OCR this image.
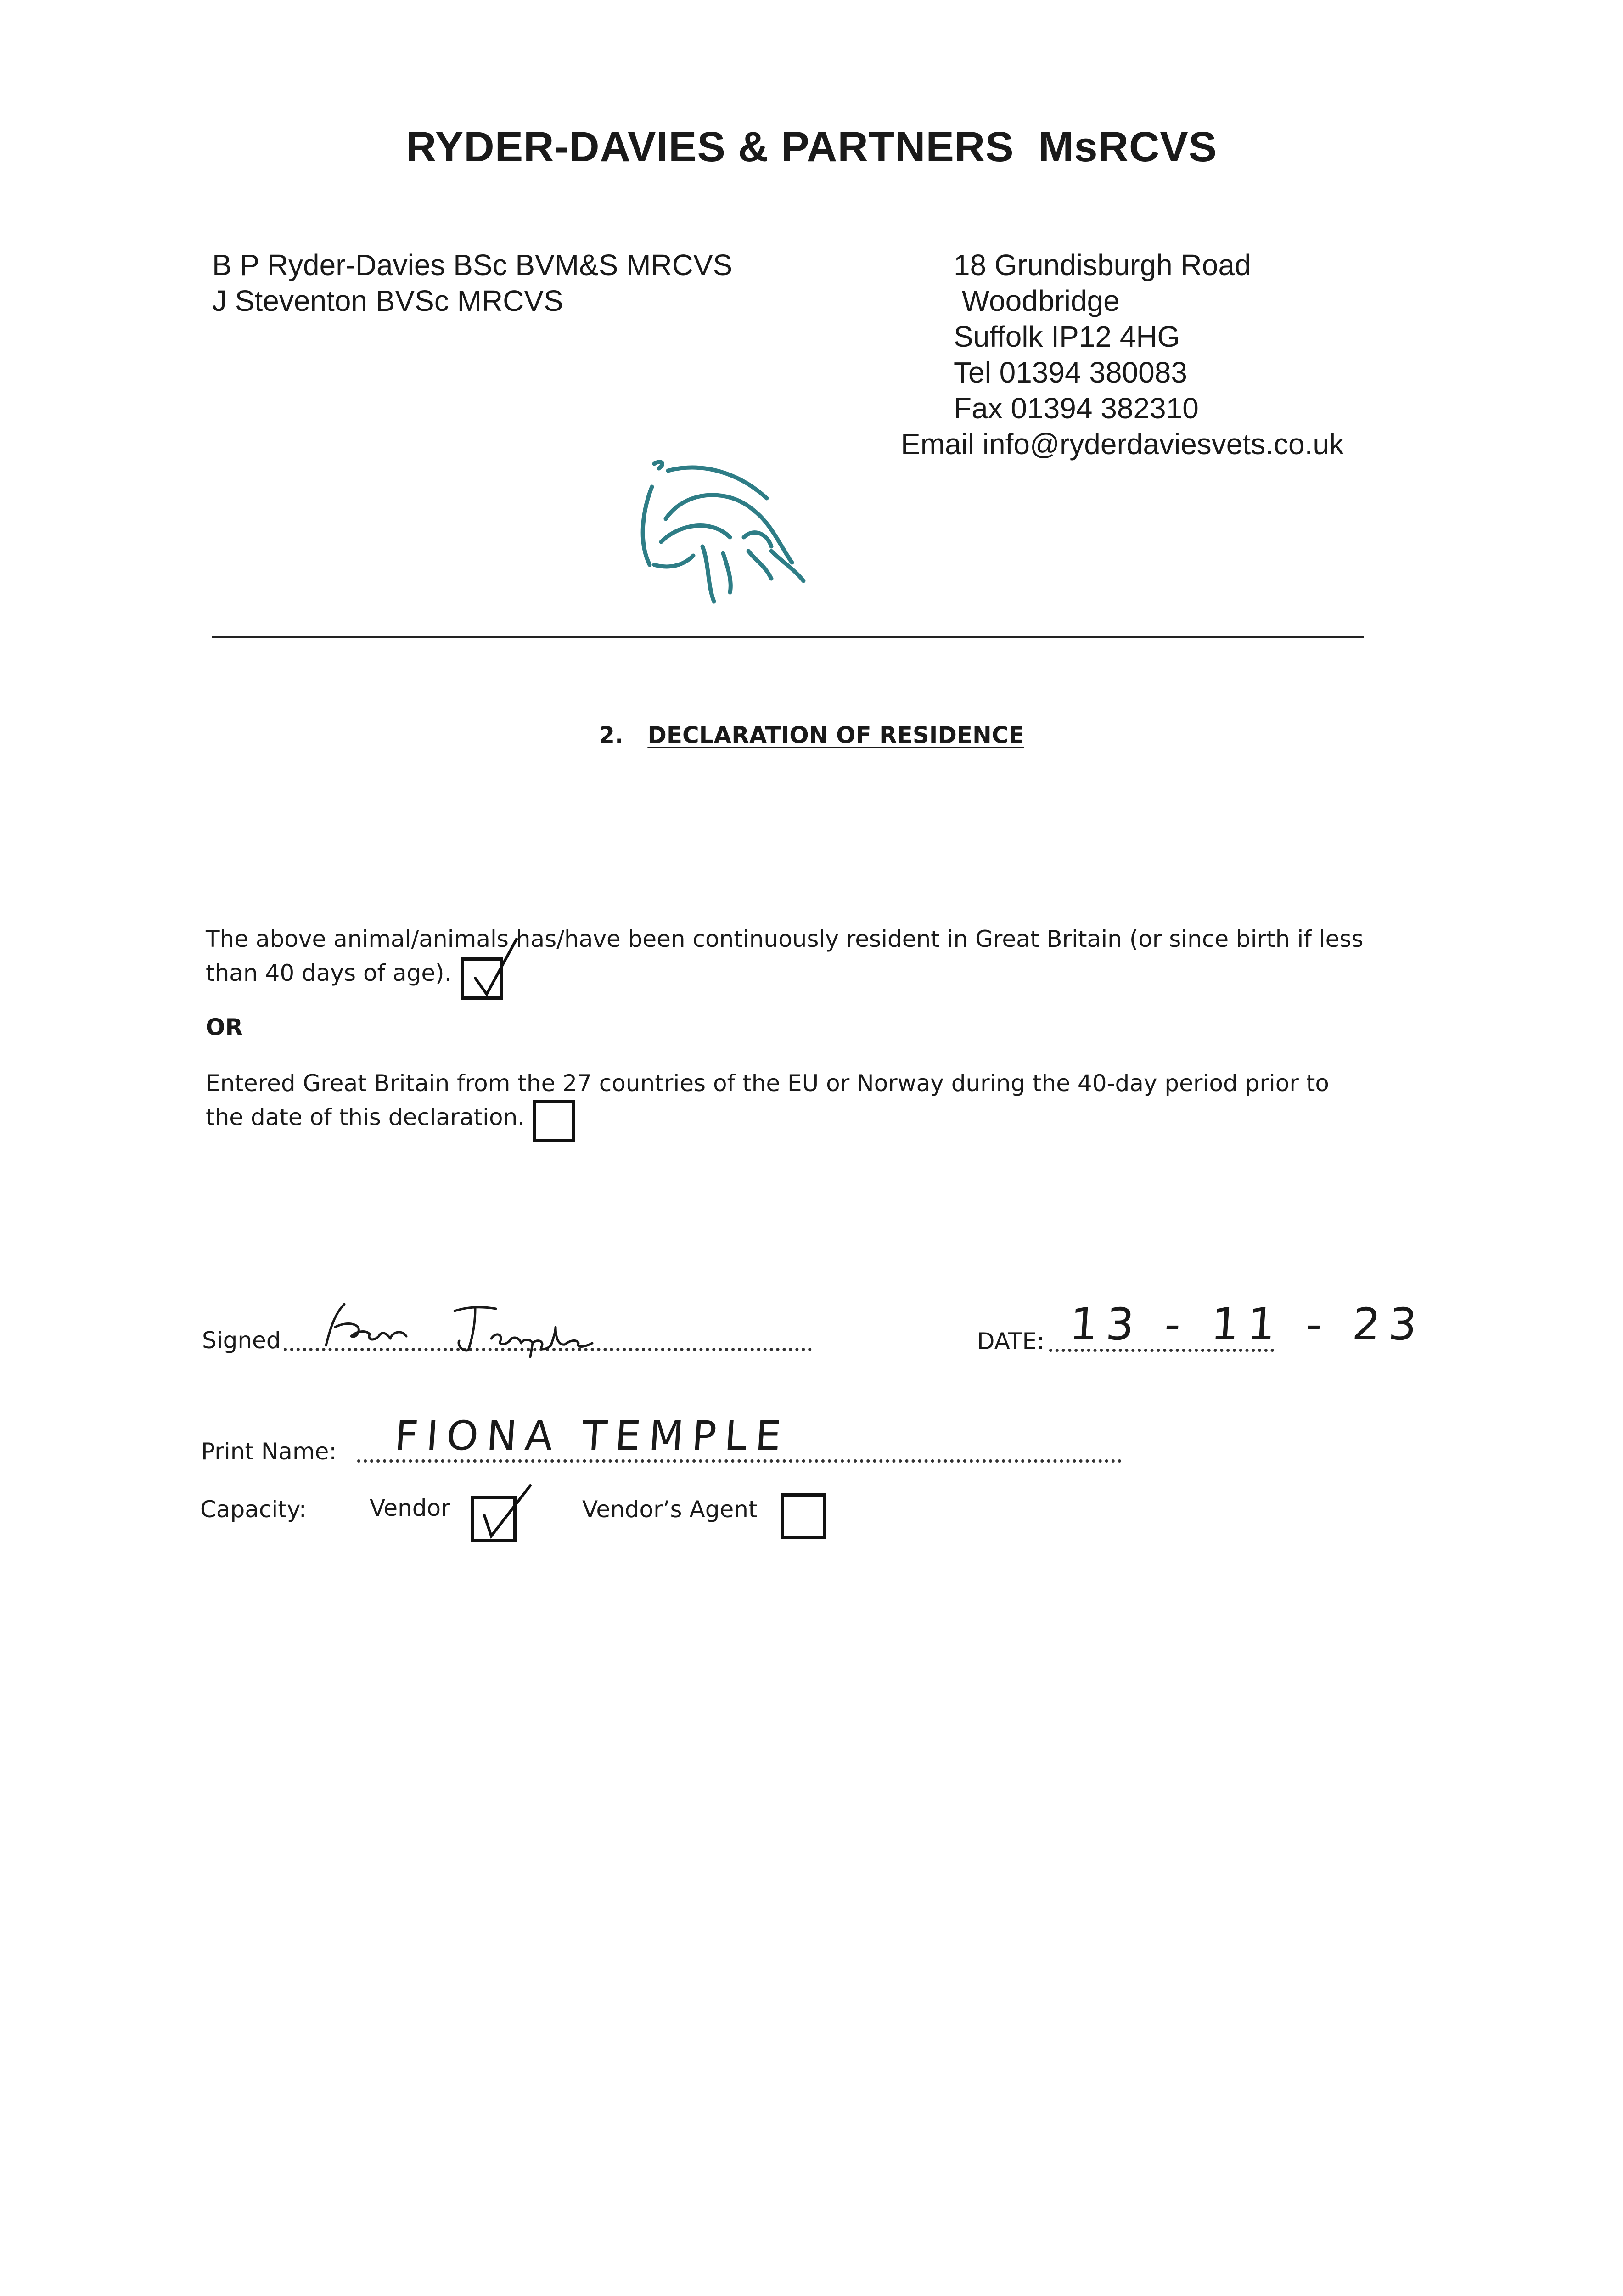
RYDER-DAVIES & PARTNERS  MsRCVS
B P Ryder-Davies BSc BVM&S MRCVS
J Steventon BVSc MRCVS
18 Grundisburgh Road
Woodbridge
Suffolk IP12 4HG
Tel 01394 380083
Fax 01394 382310
Email info@ryderdaviesvets.co.uk
2. DECLARATION OF RESIDENCE
The above animal/animals has/have been continuously resident in Great Britain (or since birth if less
than 40 days of age).
OR
Entered Great Britain from the 27 countries of the EU or Norway during the 40-day period prior to
the date of this declaration.
Signed	DATE: 13 - 11 - 23
Print Name: FIONA TEMPLE
Capacity:	Vendor	Vendor’s Agent
